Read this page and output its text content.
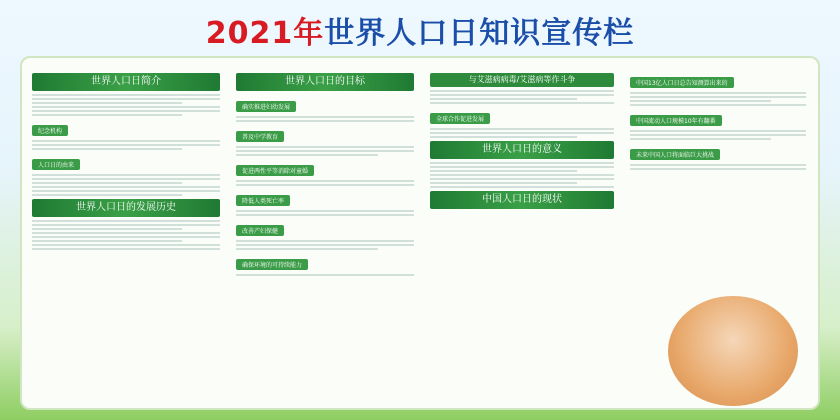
2021年世界人口日知识宣传栏
世界人口日简介
纪念机构
人口日的由来
世界人口日的发展历史
世界人口日的目标
确实推进妇幼发展
普及中学教育
促进两性平等消除对童婚
降低人类死亡率
改善产妇保健
确保环境的可持续能力
与艾滋病病毒/艾滋病等作斗争
全球合作促进发展
世界人口日的意义
中国人口日的现状
中国13亿人口日总告知测算出来的
中国流动人口规模10年有翻番
未来中国人口将面临巨大挑战
